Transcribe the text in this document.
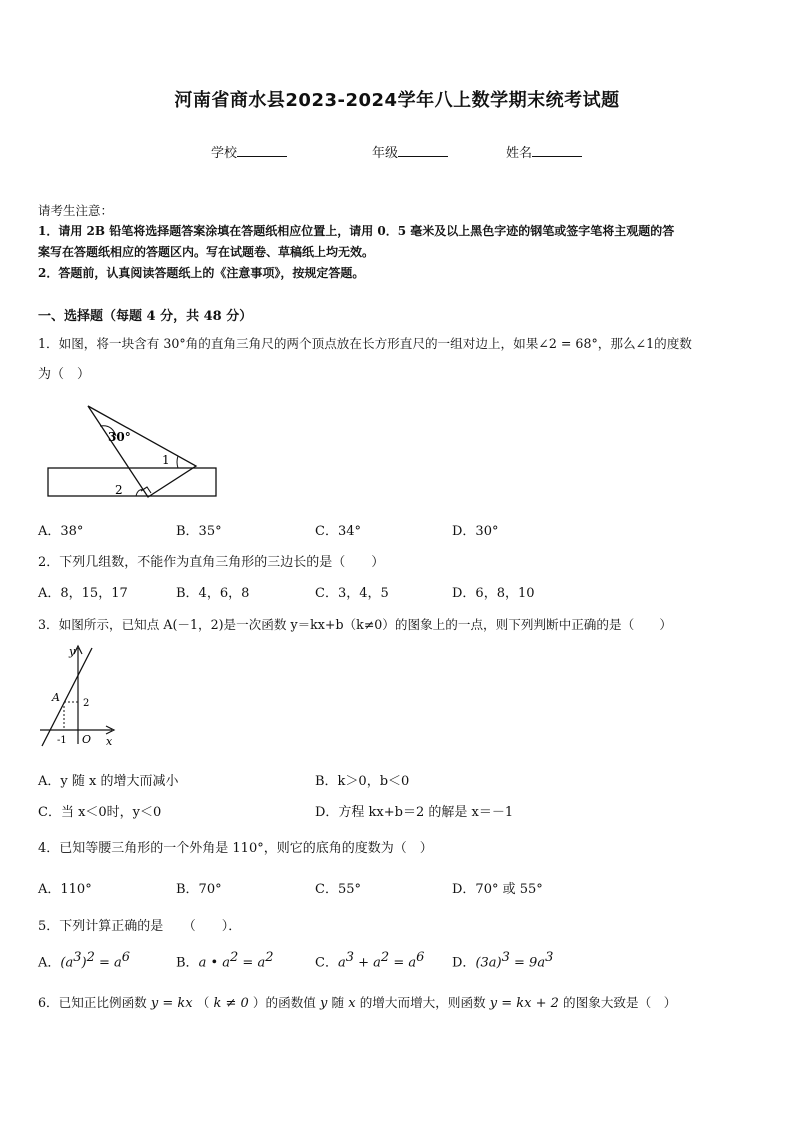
河南省商水县2023-2024学年八上数学期末统考试题
学校	年级	姓名
请考生注意：
1．请用 2B 铅笔将选择题答案涂填在答题纸相应位置上，请用 0．5 毫米及以上黑色字迹的钢笔或签字笔将主观题的答
案写在答题纸相应的答题区内。写在试题卷、草稿纸上均无效。
2．答题前，认真阅读答题纸上的《注意事项》，按规定答题。
一、选择题（每题 4 分，共 48 分）
1．如图，将一块含有 30°角的直角三角尺的两个顶点放在长方形直尺的一组对边上，如果∠2 = 68°，那么∠1的度数
为（　）
30°
1
2
A．38°	B．35°	C．34°	D．30°
2．下列几组数，不能作为直角三角形的三边长的是（　　）
A．8，15，17	B．4，6，8	C．3，4，5	D．6，8，10
3．如图所示，已知点 A(－1，2)是一次函数 y＝kx+b（k≠0）的图象上的一点，则下列判断中正确的是（　　）
y
x
A 2
-1 O
A．y 随 x 的增大而减小	B．k＞0，b＜0
C．当 x＜0时，y＜0	D．方程 kx+b＝2 的解是 x＝－1
4．已知等腰三角形的一个外角是 110°，则它的底角的度数为（　）
A．110°	B．70°	C．55°	D．70° 或 55°
5．下列计算正确的是　　（　　）．
A．$(a^3)^2 = a^6$	B．a • $a^2 = a^2$	C．$a^3 + a^2 = a^6$ D．$(3a)^3 = 9a^3$
6．已知正比例函数 y = kx （ k ≠ 0 ）的函数值 y 随 x 的增大而增大，则函数 y = kx + 2 的图象大致是（　）
